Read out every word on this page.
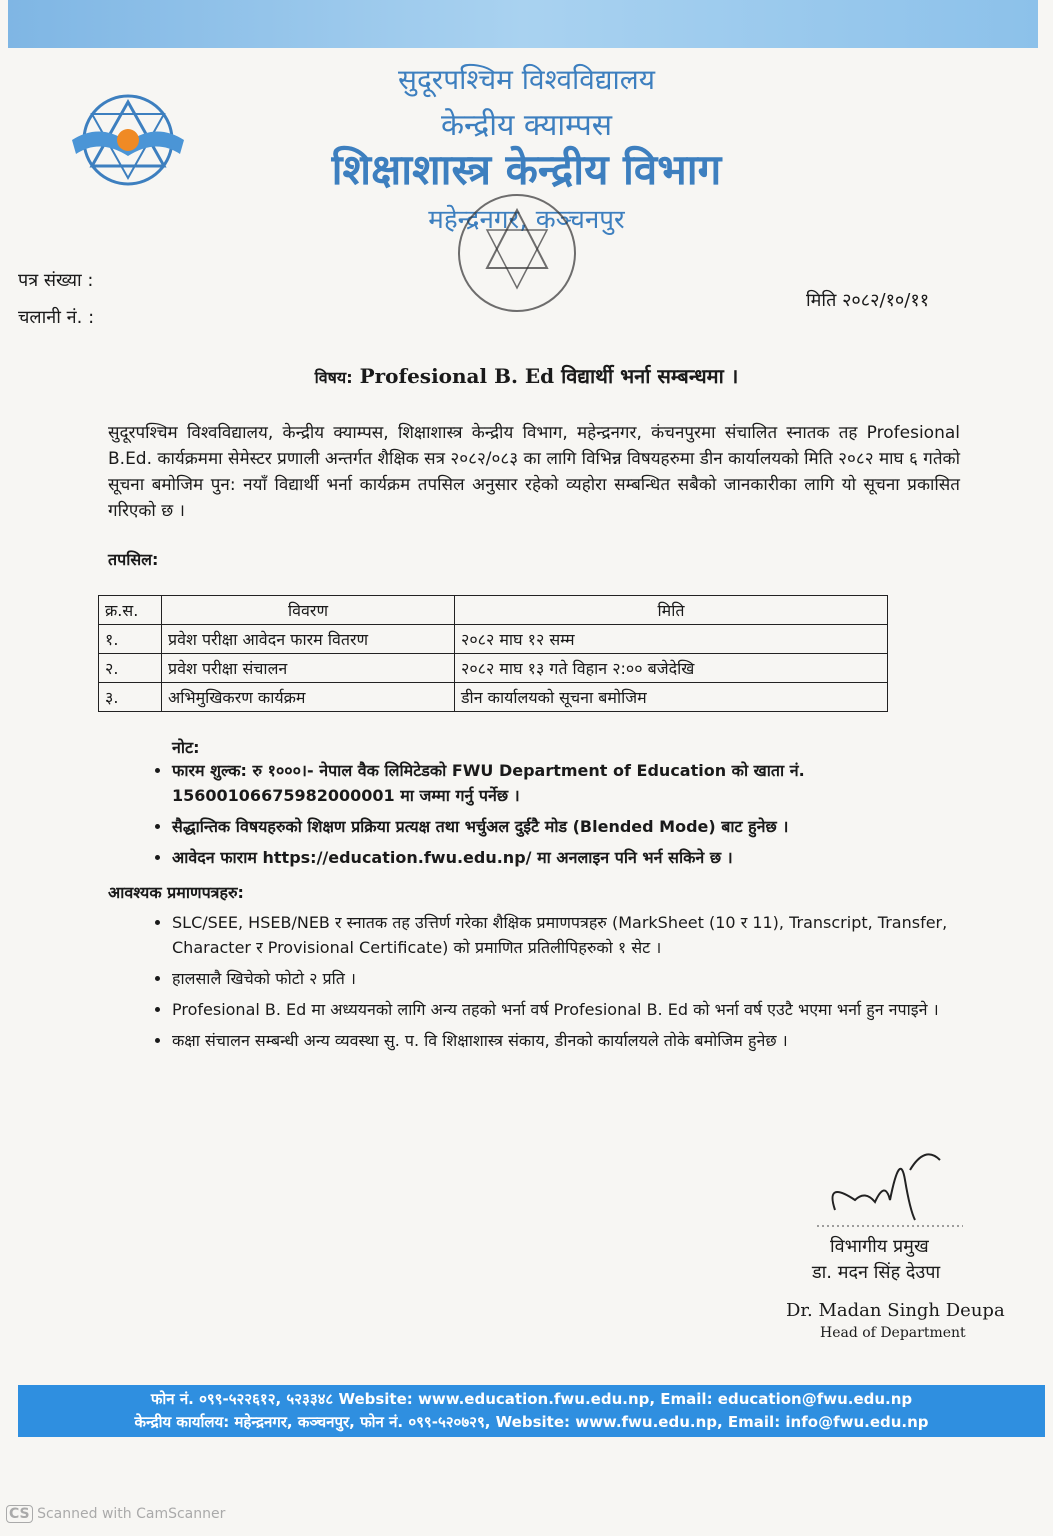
सुदूरपश्चिम विश्वविद्यालय
केन्द्रीय क्याम्पस
शिक्षाशास्त्र केन्द्रीय विभाग
महेन्द्रनगर, कञ्चनपुर
पत्र संख्या :
चलानी नं. :
मिति २०८२/१०/११
विषय: Profesional B. Ed विद्यार्थी भर्ना सम्बन्धमा ।
सुदूरपश्चिम विश्वविद्यालय, केन्द्रीय क्याम्पस, शिक्षाशास्त्र केन्द्रीय विभाग, महेन्द्रनगर, कंचनपुरमा संचालित स्नातक तह Profesional B.Ed. कार्यक्रममा सेमेस्टर प्रणाली अन्तर्गत शैक्षिक सत्र २०८२/०८३ का लागि विभिन्न विषयहरुमा डीन कार्यालयको मिति २०८२ माघ ६ गतेको सूचना बमोजिम पुन: नयाँ विद्यार्थी भर्ना कार्यक्रम तपसिल अनुसार रहेको व्यहोरा सम्बन्धित सबैको जानकारीका लागि यो सूचना प्रकासित गरिएको छ ।
तपसिल:
क्र.स.	विवरण	मिति
१.	प्रवेश परीक्षा आवेदन फारम वितरण	२०८२ माघ १२ सम्म
२.	प्रवेश परीक्षा संचालन	२०८२ माघ १३ गते विहान २:०० बजेदेखि
३.	अभिमुखिकरण कार्यक्रम	डीन कार्यालयको सूचना बमोजिम
नोट:
• फारम शुल्क: रु १०००।- नेपाल वैक लिमिटेडको FWU Department of Education को खाता नं. 15600106675982000001 मा जम्मा गर्नु पर्नेछ ।
• सैद्धान्तिक विषयहरुको शिक्षण प्रक्रिया प्रत्यक्ष तथा भर्चुअल दुईटै मोड (Blended Mode) बाट हुनेछ ।
• आवेदन फाराम https://education.fwu.edu.np/ मा अनलाइन पनि भर्न सकिने छ ।
आवश्यक प्रमाणपत्रहरु:
• SLC/SEE, HSEB/NEB र स्नातक तह उत्तिर्ण गरेका शैक्षिक प्रमाणपत्रहरु (MarkSheet (10 र 11), Transcript, Transfer, Character र Provisional Certificate) को प्रमाणित प्रतिलीपिहरुको १ सेट ।
• हालसालै खिचेको फोटो २ प्रति ।
• Profesional B. Ed मा अध्ययनको लागि अन्य तहको भर्ना वर्ष Profesional B. Ed को भर्ना वर्ष एउटै भएमा भर्ना हुन नपाइने ।
• कक्षा संचालन सम्बन्धी अन्य व्यवस्था सु. प. वि शिक्षाशास्त्र संकाय, डीनको कार्यालयले तोके बमोजिम हुनेछ ।
विभागीय प्रमुख
डा. मदन सिंह देउपा
Dr. Madan Singh Deupa
Head of Department
फोन नं. ०९९-५२२६१२, ५२३३४८ Website: www.education.fwu.edu.np, Email: education@fwu.edu.np
केन्द्रीय कार्यालय: महेन्द्रनगर, कञ्चनपुर, फोन नं. ०९९-५२०७२९, Website: www.fwu.edu.np, Email: info@fwu.edu.np
CS Scanned with CamScanner
